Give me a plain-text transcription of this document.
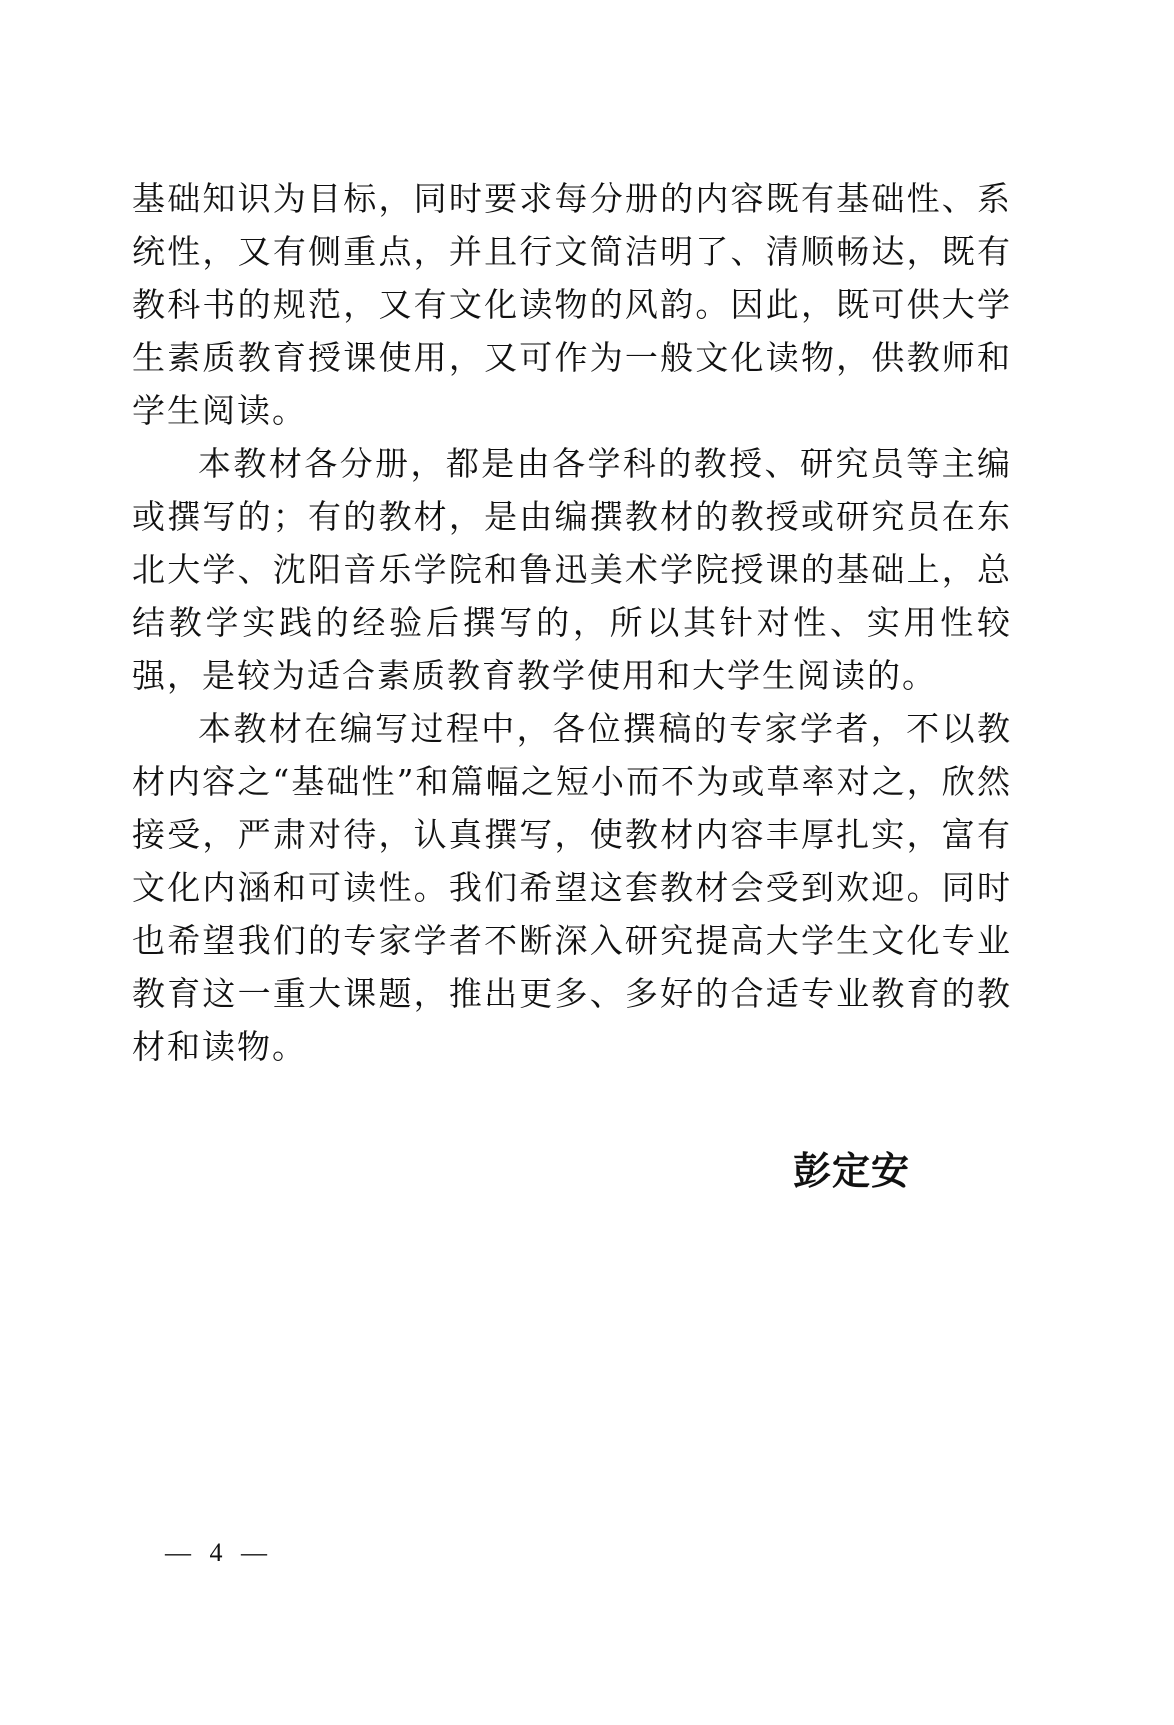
基础知识为目标，同时要求每分册的内容既有基础性、系统性，又有侧重点，并且行文简洁明了、清顺畅达，既有教科书的规范，又有文化读物的风韵。因此，既可供大学生素质教育授课使用，又可作为一般文化读物，供教师和学生阅读。

本教材各分册，都是由各学科的教授、研究员等主编或撰写的；有的教材，是由编撰教材的教授或研究员在东北大学、沈阳音乐学院和鲁迅美术学院授课的基础上，总结教学实践的经验后撰写的，所以其针对性、实用性较强，是较为适合素质教育教学使用和大学生阅读的。

本教材在编写过程中，各位撰稿的专家学者，不以教材内容之“基础性”和篇幅之短小而不为或草率对之，欣然接受，严肃对待，认真撰写，使教材内容丰厚扎实，富有文化内涵和可读性。我们希望这套教材会受到欢迎。同时也希望我们的专家学者不断深入研究提高大学生文化专业教育这一重大课题，推出更多、多好的合适专业教育的教材和读物。

彭定安
— 4 —
